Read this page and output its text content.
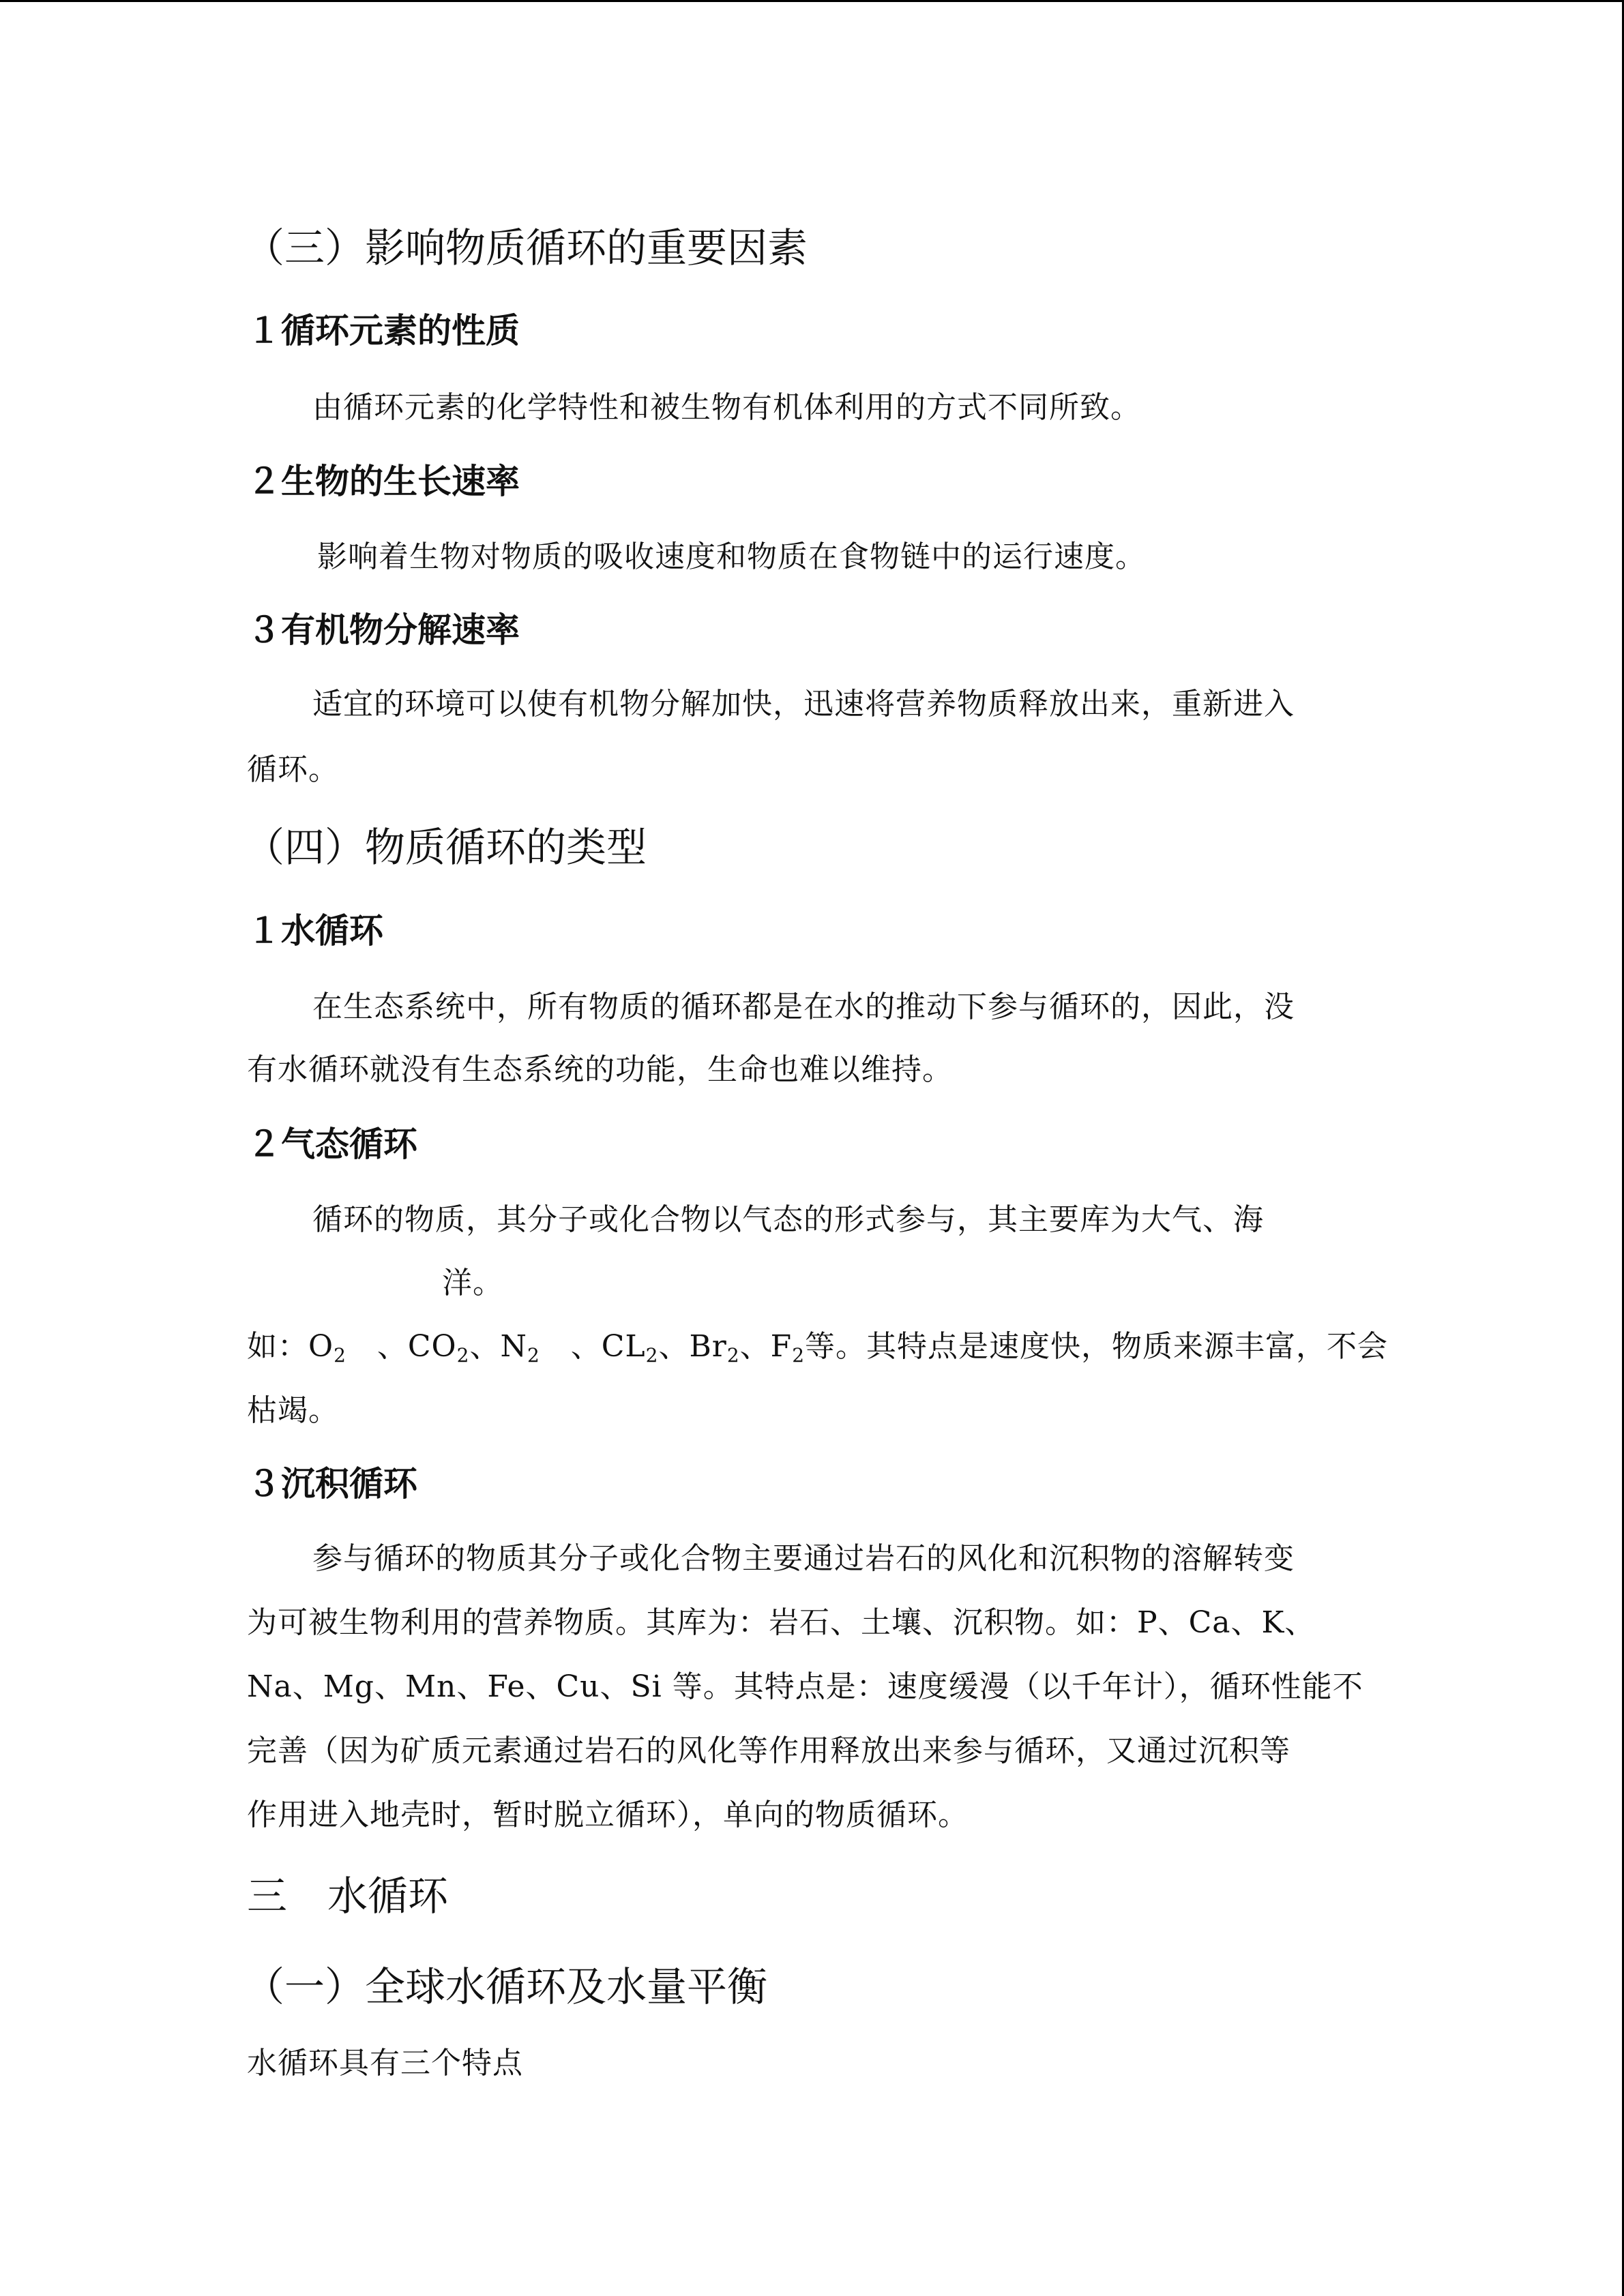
（三）影响物质循环的重要因素
１循环元素的性质
由循环元素的化学特性和被生物有机体利用的方式不同所致。
２生物的生长速率
影响着生物对物质的吸收速度和物质在食物链中的运行速度。
３有机物分解速率
适宜的环境可以使有机物分解加快，迅速将营养物质释放出来，重新进入
循环。
（四）物质循环的类型
１水循环
在生态系统中，所有物质的循环都是在水的推动下参与循环的，因此，没
有水循环就没有生态系统的功能，生命也难以维持。
２气态循环
循环的物质，其分子或化合物以气态的形式参与，其主要库为大气、海
洋。
如：$O_2$ 、$CO_2$、$N_2$ 、$CL_2$、$Br_2$、$F_2$等。其特点是速度快，物质来源丰富，不会
枯竭。
３沉积循环
参与循环的物质其分子或化合物主要通过岩石的风化和沉积物的溶解转变
为可被生物利用的营养物质。其库为：岩石、土壤、沉积物。如：P、Ca、K、
Na、Mg、Mn、Fe、Cu、Si 等。其特点是：速度缓漫（以千年计），循环性能不
完善（因为矿质元素通过岩石的风化等作用释放出来参与循环，又通过沉积等
作用进入地壳时，暂时脱立循环），单向的物质循环。
三　水循环
（一）全球水循环及水量平衡
水循环具有三个特点
